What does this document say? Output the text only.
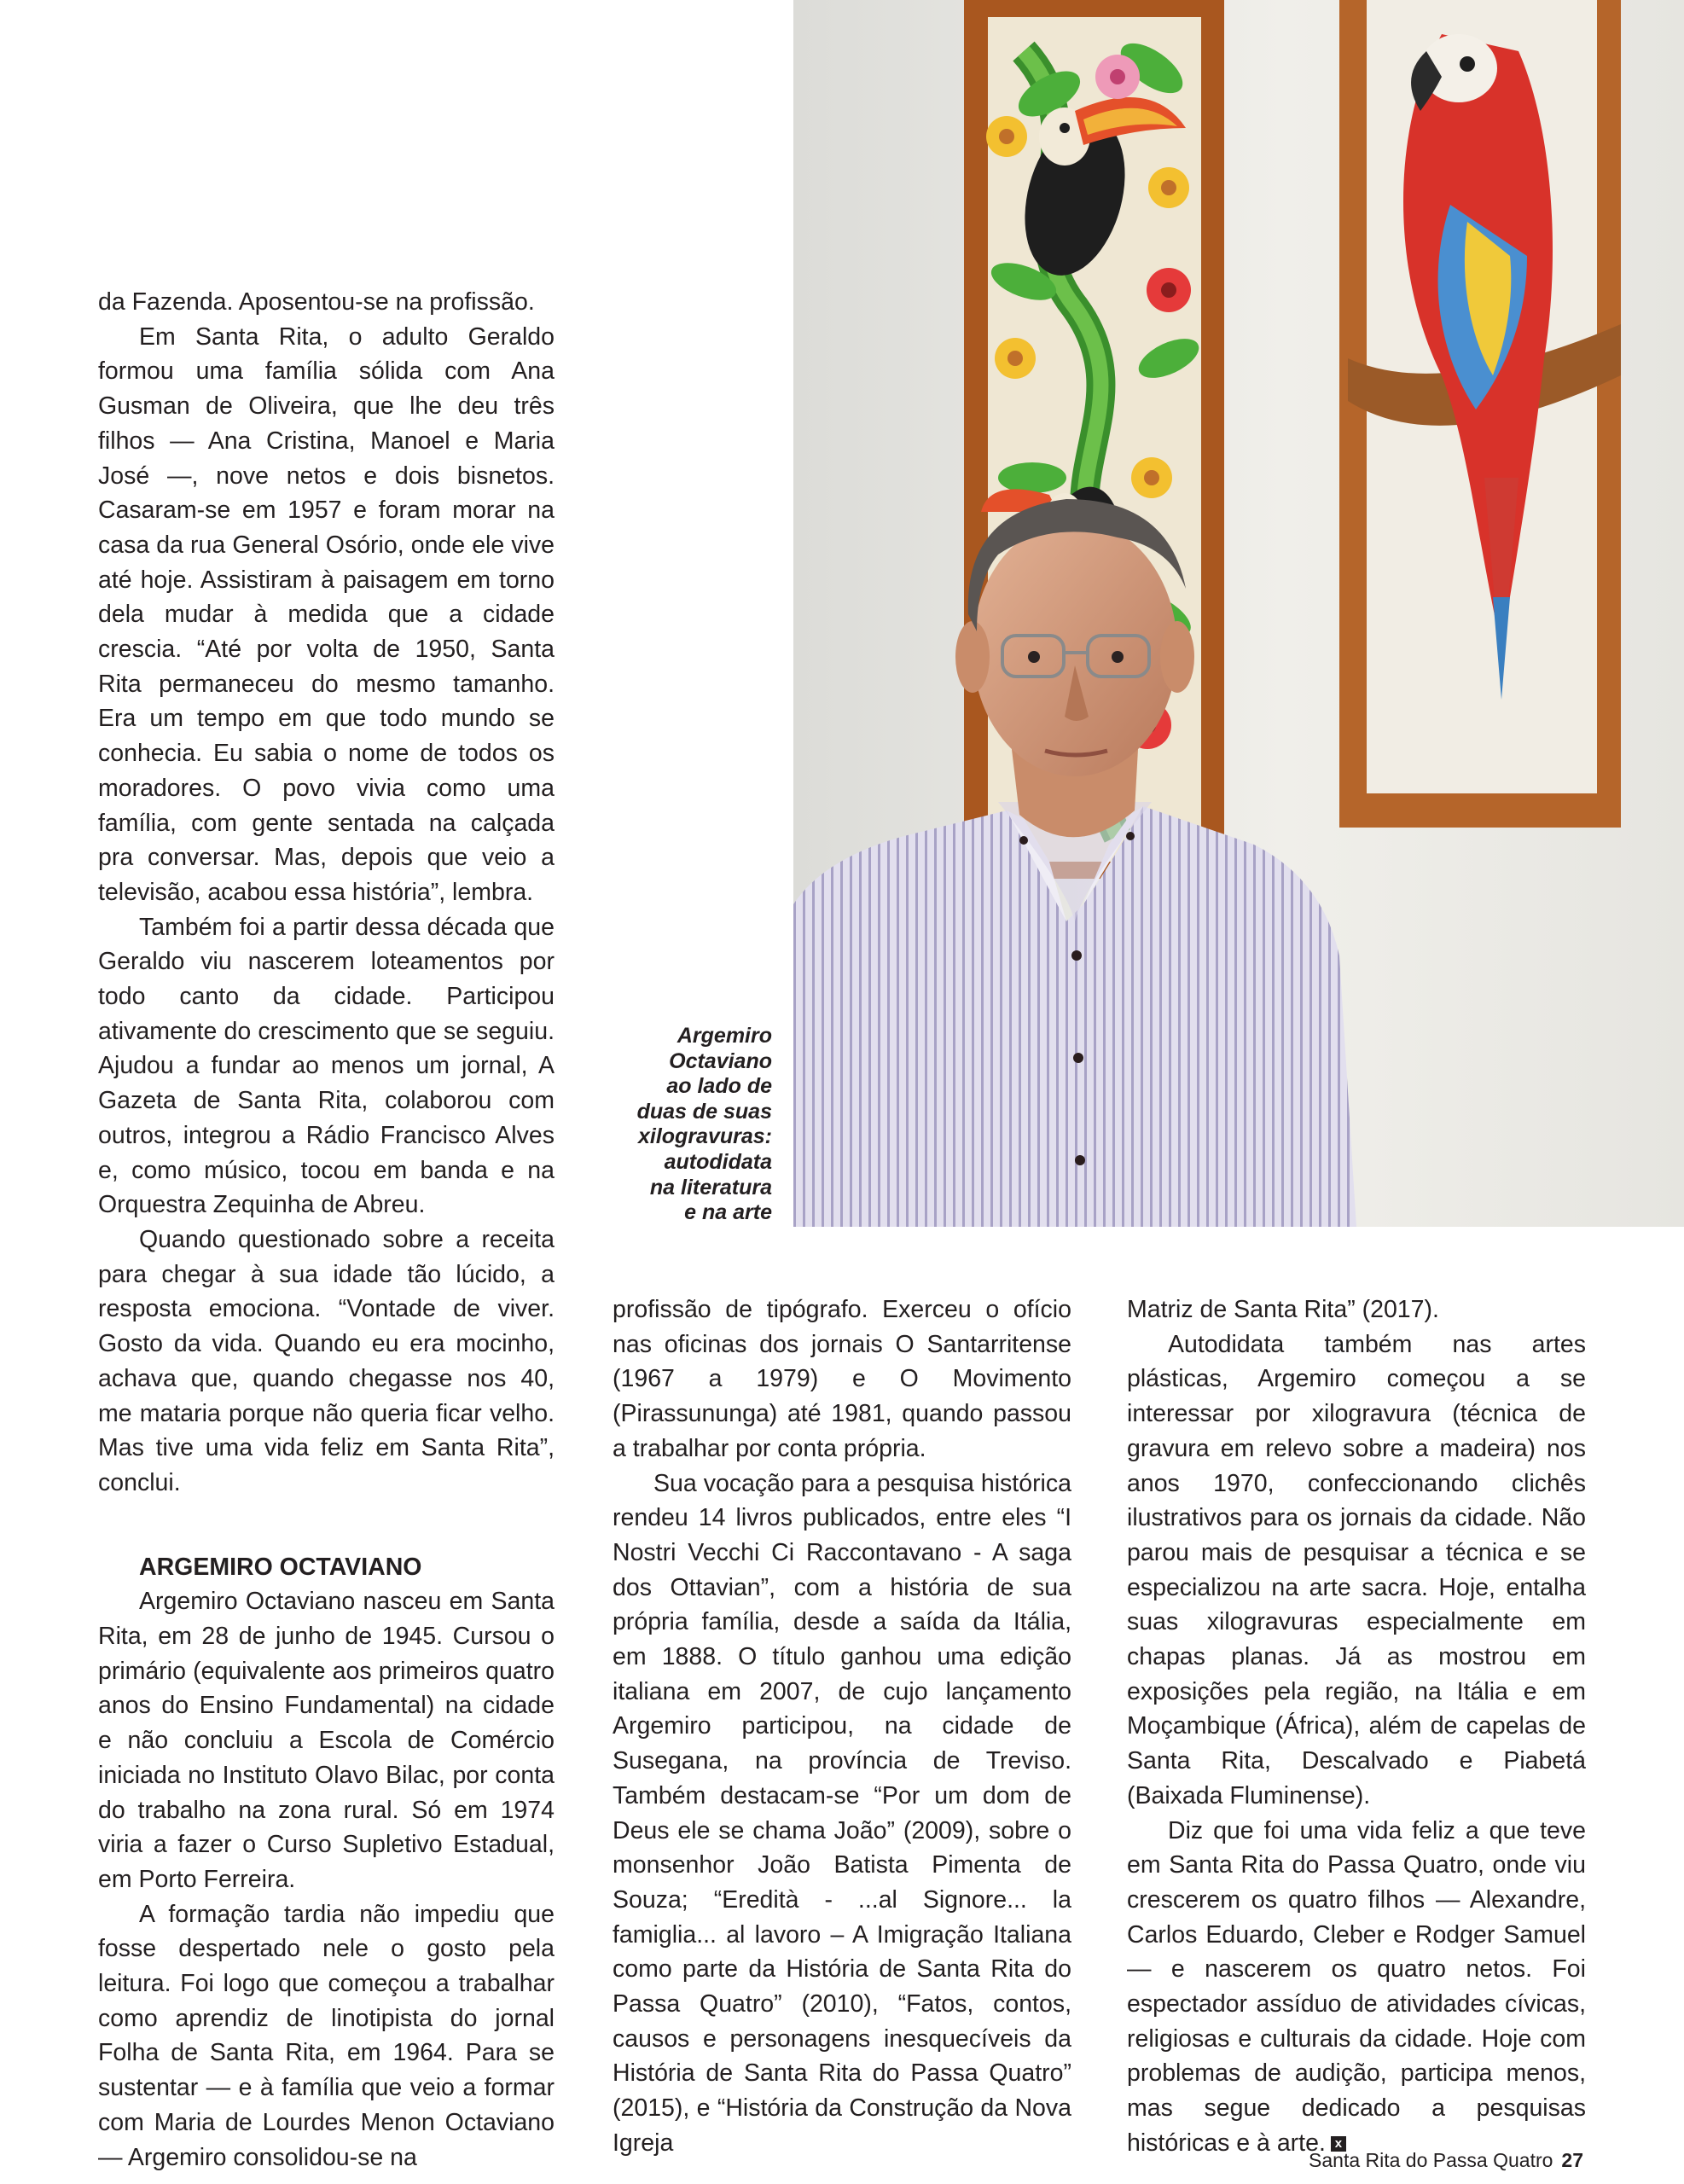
da Fazenda. Aposentou-se na profissão.

Em Santa Rita, o adulto Geraldo formou uma família sólida com Ana Gusman de Oliveira, que lhe deu três filhos — Ana Cristina, Manoel e Maria José —, nove netos e dois bisnetos. Casaram-se em 1957 e foram morar na casa da rua General Osório, onde ele vive até hoje. Assistiram à paisagem em torno dela mudar à medida que a cidade crescia. “Até por volta de 1950, Santa Rita permaneceu do mesmo tamanho. Era um tempo em que todo mundo se conhecia. Eu sabia o nome de todos os moradores. O povo vivia como uma família, com gente sentada na calçada pra conversar. Mas, depois que veio a televisão, acabou essa história”, lembra.

Também foi a partir dessa década que Geraldo viu nascerem loteamentos por todo canto da cidade. Participou ativamente do crescimento que se seguiu. Ajudou a fundar ao menos um jornal, A Gazeta de Santa Rita, colaborou com outros, integrou a Rádio Francisco Alves e, como músico, tocou em banda e na Orquestra Zequinha de Abreu.

Quando questionado sobre a receita para chegar à sua idade tão lúcido, a resposta emociona. “Vontade de viver. Gosto da vida. Quando eu era mocinho, achava que, quando chegasse nos 40, me mataria porque não queria ficar velho. Mas tive uma vida feliz em Santa Rita”, conclui.

ARGEMIRO OCTAVIANO

Argemiro Octaviano nasceu em Santa Rita, em 28 de junho de 1945. Cursou o primário (equivalente aos primeiros quatro anos do Ensino Fundamental) na cidade e não concluiu a Escola de Comércio iniciada no Instituto Olavo Bilac, por conta do trabalho na zona rural. Só em 1974 viria a fazer o Curso Supletivo Estadual, em Porto Ferreira.

A formação tardia não impediu que fosse despertado nele o gosto pela leitura. Foi logo que começou a trabalhar como aprendiz de linotipista do jornal Folha de Santa Rita, em 1964. Para se sustentar — e à família que veio a formar com Maria de Lourdes Menon Octaviano — Argemiro consolidou-se na

profissão de tipógrafo. Exerceu o ofício nas oficinas dos jornais O Santarritense (1967 a 1979) e O Movimento (Pirassununga) até 1981, quando passou a trabalhar por conta própria.

Sua vocação para a pesquisa histórica rendeu 14 livros publicados, entre eles “I Nostri Vecchi Ci Raccontavano - A saga dos Ottavian”, com a história de sua própria família, desde a saída da Itália, em 1888. O título ganhou uma edição italiana em 2007, de cujo lançamento Argemiro participou, na cidade de Susegana, na província de Treviso. Também destacam-se “Por um dom de Deus ele se chama João” (2009), sobre o monsenhor João Batista Pimenta de Souza; “Eredità - ...al Signore... la famiglia... al lavoro – A Imigração Italiana como parte da História de Santa Rita do Passa Quatro” (2010), “Fatos, contos, causos e personagens inesquecíveis da História de Santa Rita do Passa Quatro” (2015), e “História da Construção da Nova Igreja

Matriz de Santa Rita” (2017).

Autodidata também nas artes plásticas, Argemiro começou a se interessar por xilogravura (técnica de gravura em relevo sobre a madeira) nos anos 1970, confeccionando clichês ilustrativos para os jornais da cidade. Não parou mais de pesquisar a técnica e se especializou na arte sacra. Hoje, entalha suas xilogravuras especialmente em chapas planas. Já as mostrou em exposições pela região, na Itália e em Moçambique (África), além de capelas de Santa Rita, Descalvado e Piabetá (Baixada Fluminense).

Diz que foi uma vida feliz a que teve em Santa Rita do Passa Quatro, onde viu crescerem os quatro filhos — Alexandre, Carlos Eduardo, Cleber e Rodger Samuel — e nascerem os quatro netos. Foi espectador assíduo de atividades cívicas, religiosas e culturais da cidade. Hoje com problemas de audição, participa menos, mas segue dedicado a pesquisas históricas e à arte. x

Argemiro
Octaviano
ao lado de
duas de suas
xilogravuras:
autodidata
na literatura
e na arte
Santa Rita do Passa Quatro 27
